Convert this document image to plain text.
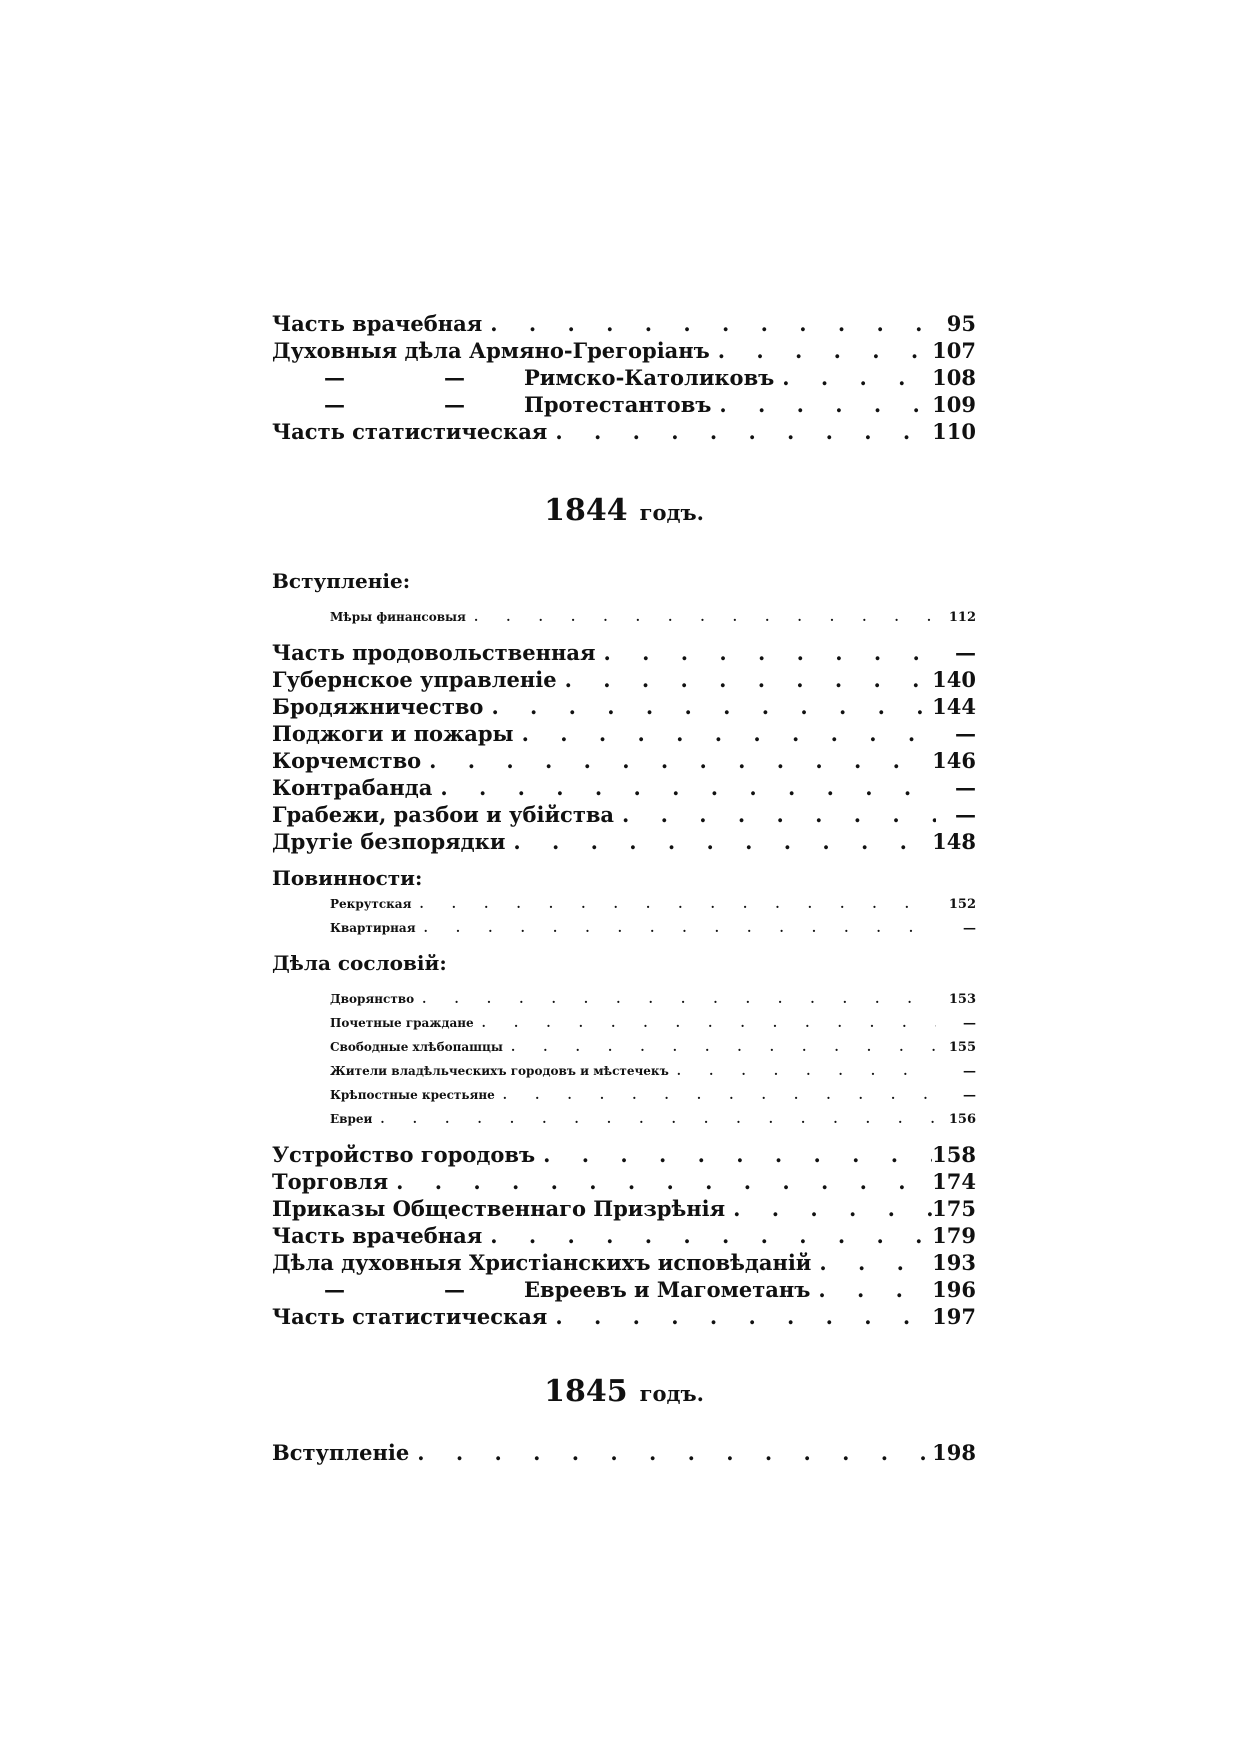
Часть врачебная . . .	95
Духовныя дѣла Армяно-Грегоріанъ . . .	107
—	—	Римско-Католиковъ . . .	108
—	—	Протестантовъ . . .	109
Часть статистическая . . .	110
1844 годъ.
Вступленіе:
Мѣры финансовыя . . .	112
Часть продовольственная . . .	—
Губернское управленіе . . .	140
Бродяжничество . . .	144
Поджоги и пожары . . .	—
Корчемство . . .	146
Контрабанда . . .	—
Грабежи, разбои и убійства . . .	—
Другіе безпорядки . . .	148
Повинности:
Рекрутская . . .	152
Квартирная . . .	—
Дѣла сословій:
Дворянство . . .	153
Почетные граждане . . .	—
Свободные хлѣбопашцы . . .	155
Жители владѣльческихъ городовъ и мѣстечекъ . . .	—
Крѣпостные крестьяне . . .	—
Евреи . . .	156
Устройство городовъ . . .	158
Торговля . . .	174
Приказы Общественнаго Призрѣнія . . .	175
Часть врачебная . . .	179
Дѣла духовныя Христіанскихъ исповѣданій . . .	193
—	—	Евреевъ и Магометанъ . . .	196
Часть статистическая . . .	197
1845 годъ.
Вступленіе . . .	198
